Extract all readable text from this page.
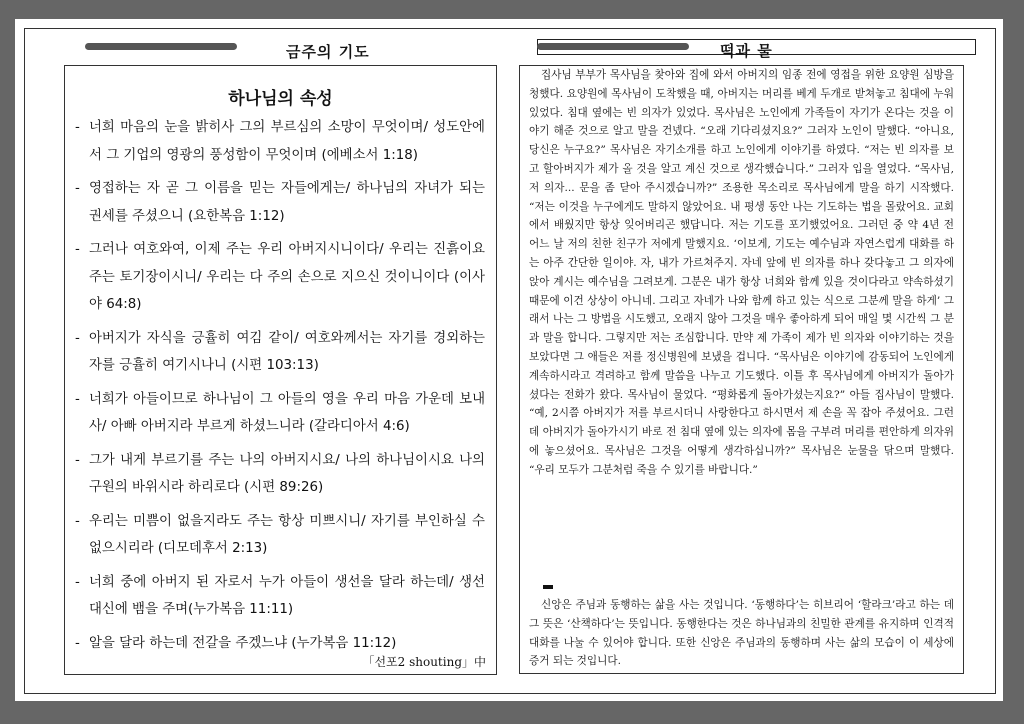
금주의 기도	떡과 물
하나님의 속성
- 너희 마음의 눈을 밝히사 그의 부르심의 소망이 무엇이며/ 성도안에서 그 기업의 영광의 풍성함이 무엇이며 (에베소서 1:18)
- 영접하는 자 곧 그 이름을 믿는 자들에게는/ 하나님의 자녀가 되는 권세를 주셨으니 (요한복음 1:12)
- 그러나 여호와여, 이제 주는 우리 아버지시니이다/ 우리는 진흙이요 주는 토기장이시니/ 우리는 다 주의 손으로 지으신 것이니이다 (이사야 64:8)
- 아버지가 자식을 긍휼히 여김 같이/ 여호와께서는 자기를 경외하는 자를 긍휼히 여기시나니 (시편 103:13)
- 너희가 아들이므로 하나님이 그 아들의 영을 우리 마음 가운데 보내사/ 아빠 아버지라 부르게 하셨느니라 (갈라디아서 4:6)
- 그가 내게 부르기를 주는 나의 아버지시요/ 나의 하나님이시요 나의 구원의 바위시라 하리로다 (시편 89:26)
- 우리는 미쁨이 없을지라도 주는 항상 미쁘시니/ 자기를 부인하실 수 없으시리라 (디모데후서 2:13)
- 너희 중에 아버지 된 자로서 누가 아들이 생선을 달라 하는데/ 생선 대신에 뱀을 주며(누가복음 11:11)
- 알을 달라 하는데 전갈을 주겠느냐 (누가복음 11:12)
「선포2 shouting」中

집사님 부부가 목사님을 찾아와 집에 와서 아버지의 임종 전에 영접을 위한 요양원 심방을 청했다. 요양원에 목사님이 도착했을 때, 아버지는 머리를 베게 두개로 받쳐놓고 침대에 누워있었다. 침대 옆에는 빈 의자가 있었다. 목사님은 노인에게 가족들이 자기가 온다는 것을 이야기 해준 것으로 알고 말을 건넸다. “오래 기다리셨지요?” 그러자 노인이 말했다. “아니요, 당신은 누구요?” 목사님은 자기소개를 하고 노인에게 이야기를 하였다. “저는 빈 의자를 보고 할아버지가 제가 올 것을 알고 계신 것으로 생각했습니다.” 그러자 입을 열었다. “목사님, 저 의자... 문을 좀 닫아 주시겠습니까?” 조용한 목소리로 목사님에게 말을 하기 시작했다. “저는 이것을 누구에게도 말하지 않았어요. 내 평생 동안 나는 기도하는 법을 몰랐어요. 교회에서 배웠지만 항상 잊어버리곤 했답니다. 저는 기도를 포기했었어요. 그러던 중 약 4년 전 어느 날 저의 친한 친구가 저에게 말했지요. ‘이보게, 기도는 예수님과 자연스럽게 대화를 하는 아주 간단한 일이야. 자, 내가 가르쳐주지. 자네 앞에 빈 의자를 하나 갖다놓고 그 의자에 앉아 계시는 예수님을 그려보게. 그분은 내가 항상 너희와 함께 있을 것이다라고 약속하셨기 때문에 이건 상상이 아니네. 그리고 자네가 나와 함께 하고 있는 식으로 그분께 말을 하게’ 그래서 나는 그 방법을 시도했고, 오래지 않아 그것을 매우 좋아하게 되어 매일 몇 시간씩 그 분과 말을 합니다. 그렇지만 저는 조심합니다. 만약 제 가족이 제가 빈 의자와 이야기하는 것을 보았다면 그 애들은 저를 정신병원에 보냈을 겁니다. “목사님은 이야기에 감동되어 노인에게 계속하시라고 격려하고 함께 말씀을 나누고 기도했다. 이틀 후 목사님에게 아버지가 돌아가셨다는 전화가 왔다. 목사님이 물었다. “평화롭게 돌아가셨는지요?” 아들 집사님이 말했다. “예, 2시쯤 아버지가 저를 부르시더니 사랑한다고 하시면서 제 손을 꼭 잡아 주셨어요. 그런데 아버지가 돌아가시기 바로 전 침대 옆에 있는 의자에 몸을 구부려 머리를 편안하게 의자위에 놓으셨어요. 목사님은 그것을 어떻게 생각하십니까?” 목사님은 눈물을 닦으며 말했다. “우리 모두가 그분처럼 죽을 수 있기를 바랍니다.”

신앙은 주님과 동행하는 삶을 사는 것입니다. ‘동행하다’는 히브리어 ‘할라크’라고 하는 데 그 뜻은 ‘산책하다’는 뜻입니다. 동행한다는 것은 하나님과의 친밀한 관계를 유지하며 인격적 대화를 나눌 수 있어야 합니다. 또한 신앙은 주님과의 동행하며 사는 삶의 모습이 이 세상에 증거 되는 것입니다.
